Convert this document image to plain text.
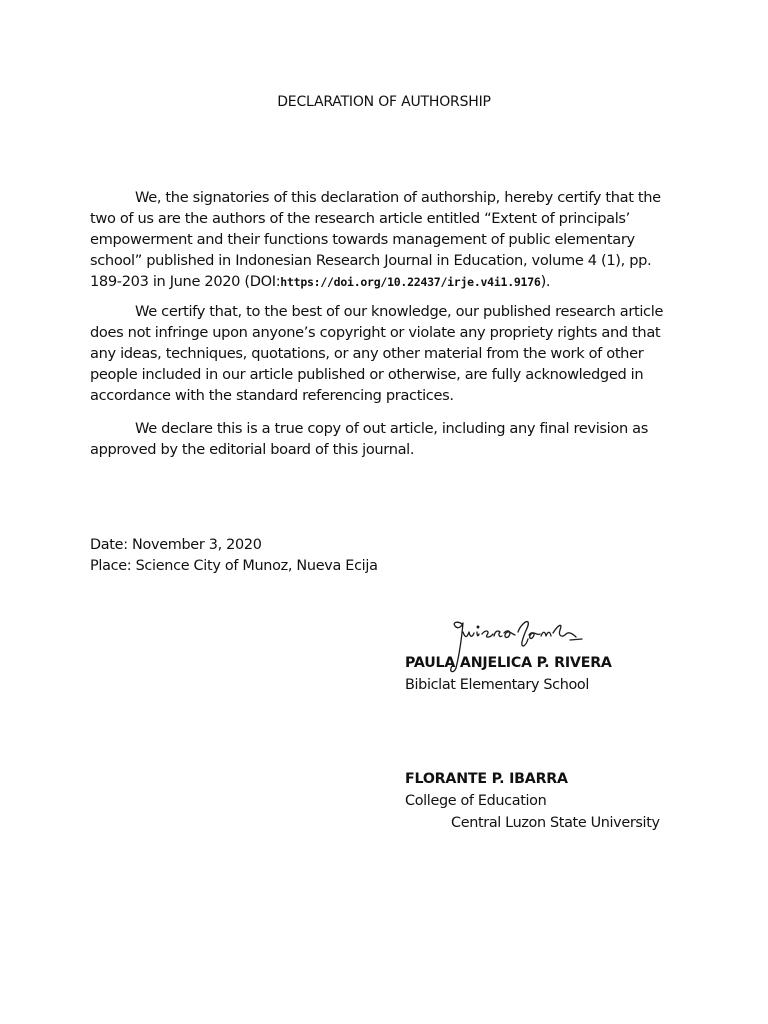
DECLARATION OF AUTHORSHIP

We, the signatories of this declaration of authorship, hereby certify that the two of us are the authors of the research article entitled “Extent of principals’ empowerment and their functions towards management of public elementary school” published in Indonesian Research Journal in Education, volume 4 (1), pp. 189-203 in June 2020 (DOI:https://doi.org/10.22437/irje.v4i1.9176).

We certify that, to the best of our knowledge, our published research article does not infringe upon anyone’s copyright or violate any propriety rights and that any ideas, techniques, quotations, or any other material from the work of other people included in our article published or otherwise, are fully acknowledged in accordance with the standard referencing practices.

We declare this is a true copy of out article, including any final revision as approved by the editorial board of this journal.

Date: November 3, 2020
Place: Science City of Munoz, Nueva Ecija
PAULA ANJELICA P. RIVERA
Bibiclat Elementary School
FLORANTE P. IBARRA
College of Education
Central Luzon State University
